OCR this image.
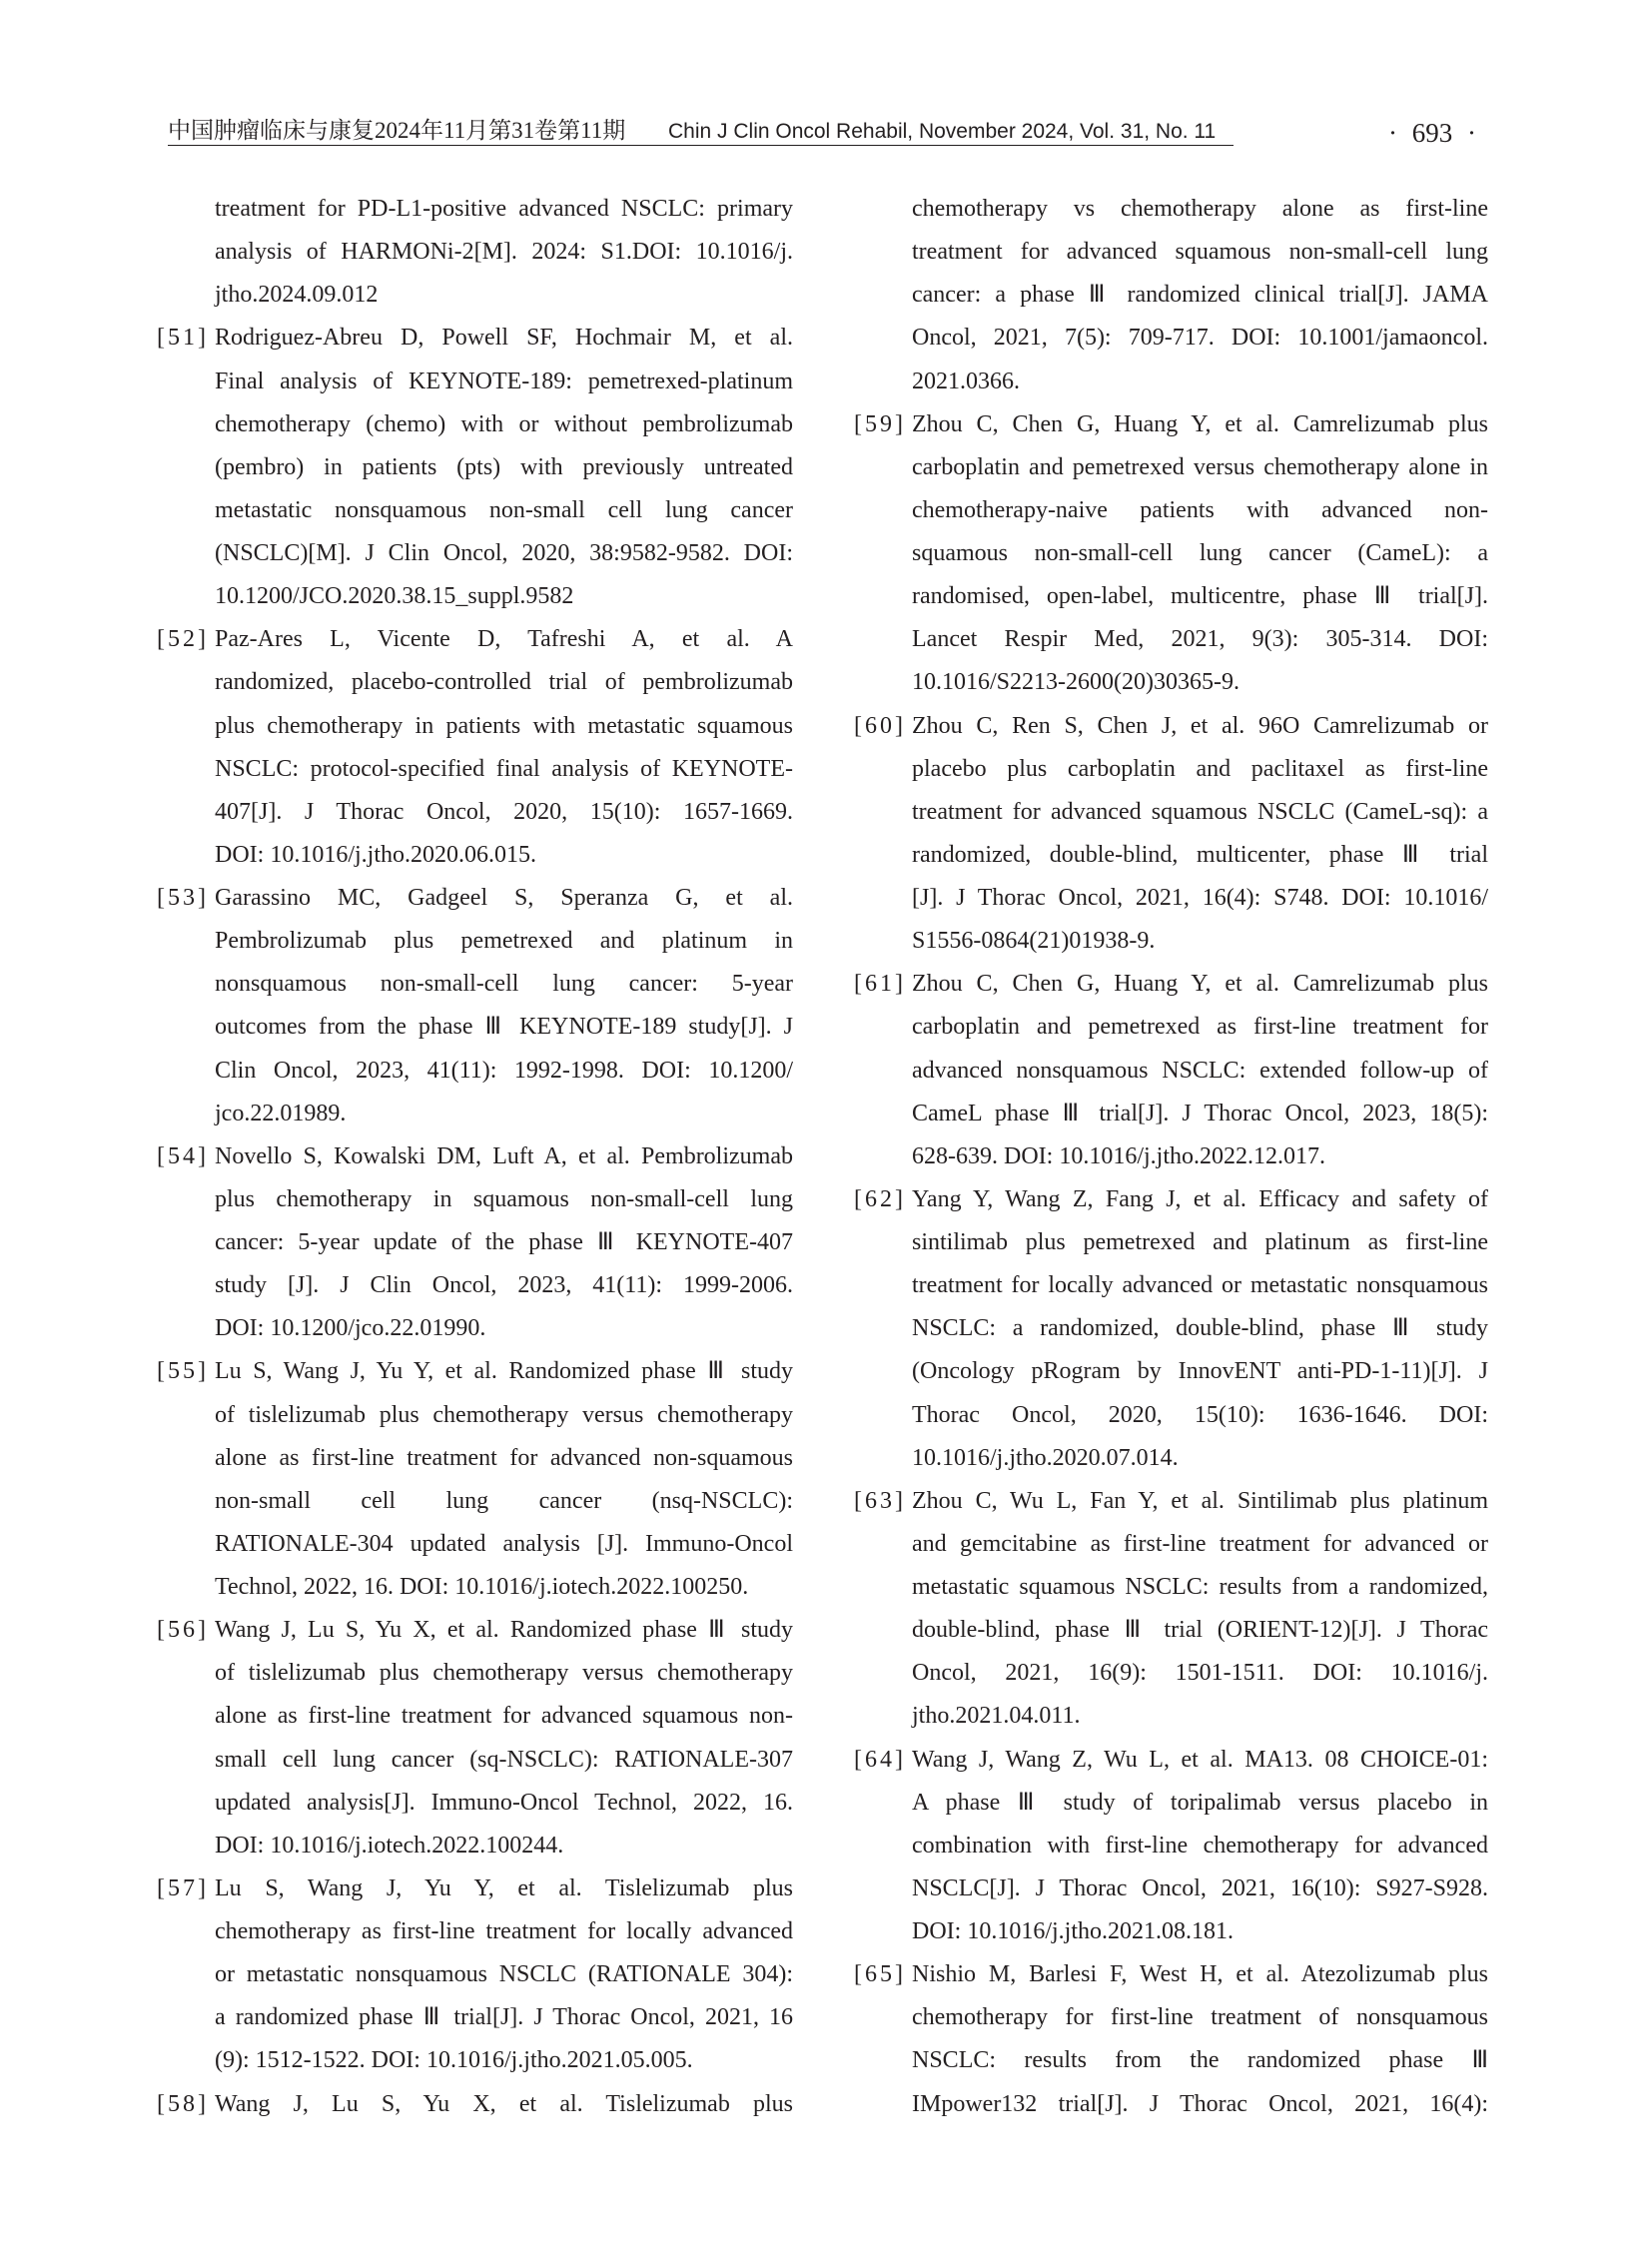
中国肿瘤临床与康复2024年11月第31卷第11期 Chin J Clin Oncol Rehabil, November 2024, Vol. 31, No. 11	· 693 ·
treatment for PD-L1-positive advanced NSCLC: primary
analysis of HARMONi-2[M]. 2024: S1.DOI: 10.1016/j.
jtho.2024.09.012
[51] Rodriguez-Abreu D, Powell SF, Hochmair M, et al.
Final analysis of KEYNOTE-189: pemetrexed-platinum
chemotherapy (chemo) with or without pembrolizumab
(pembro) in patients (pts) with previously untreated
metastatic nonsquamous non-small cell lung cancer
(NSCLC)[M]. J Clin Oncol, 2020, 38:9582-9582. DOI:
10.1200/JCO.2020.38.15_suppl.9582
[52] Paz-Ares L, Vicente D, Tafreshi A, et al. A
randomized, placebo-controlled trial of pembrolizumab
plus chemotherapy in patients with metastatic squamous
NSCLC: protocol-specified final analysis of KEYNOTE-
407[J]. J Thorac Oncol, 2020, 15(10): 1657-1669.
DOI: 10.1016/j.jtho.2020.06.015.
[53] Garassino MC, Gadgeel S, Speranza G, et al.
Pembrolizumab plus pemetrexed and platinum in
nonsquamous non-small-cell lung cancer: 5-year
outcomes from the phase Ⅲ KEYNOTE-189 study[J]. J
Clin Oncol, 2023, 41(11): 1992-1998. DOI: 10.1200/
jco.22.01989.
[54] Novello S, Kowalski DM, Luft A, et al. Pembrolizumab
plus chemotherapy in squamous non-small-cell lung
cancer: 5-year update of the phase Ⅲ KEYNOTE-407
study [J]. J Clin Oncol, 2023, 41(11): 1999-2006.
DOI: 10.1200/jco.22.01990.
[55] Lu S, Wang J, Yu Y, et al. Randomized phase Ⅲ study
of tislelizumab plus chemotherapy versus chemotherapy
alone as first-line treatment for advanced non-squamous
non-small cell lung cancer (nsq-NSCLC):
RATIONALE-304 updated analysis [J]. Immuno-Oncol
Technol, 2022, 16. DOI: 10.1016/j.iotech.2022.100250.
[56] Wang J, Lu S, Yu X, et al. Randomized phase Ⅲ study
of tislelizumab plus chemotherapy versus chemotherapy
alone as first-line treatment for advanced squamous non-
small cell lung cancer (sq-NSCLC): RATIONALE-307
updated analysis[J]. Immuno-Oncol Technol, 2022, 16.
DOI: 10.1016/j.iotech.2022.100244.
[57] Lu S, Wang J, Yu Y, et al. Tislelizumab plus
chemotherapy as first-line treatment for locally advanced
or metastatic nonsquamous NSCLC (RATIONALE 304):
a randomized phase Ⅲ trial[J]. J Thorac Oncol, 2021, 16
(9): 1512-1522. DOI: 10.1016/j.jtho.2021.05.005.
[58] Wang J, Lu S, Yu X, et al. Tislelizumab plus
chemotherapy vs chemotherapy alone as first-line
treatment for advanced squamous non-small-cell lung
cancer: a phase Ⅲ randomized clinical trial[J]. JAMA
Oncol, 2021, 7(5): 709-717. DOI: 10.1001/jamaoncol.
2021.0366.
[59] Zhou C, Chen G, Huang Y, et al. Camrelizumab plus
carboplatin and pemetrexed versus chemotherapy alone in
chemotherapy-naive patients with advanced non-
squamous non-small-cell lung cancer (CameL): a
randomised, open-label, multicentre, phase Ⅲ trial[J].
Lancet Respir Med, 2021, 9(3): 305-314. DOI:
10.1016/S2213-2600(20)30365-9.
[60] Zhou C, Ren S, Chen J, et al. 96O Camrelizumab or
placebo plus carboplatin and paclitaxel as first-line
treatment for advanced squamous NSCLC (CameL-sq): a
randomized, double-blind, multicenter, phase Ⅲ trial
[J]. J Thorac Oncol, 2021, 16(4): S748. DOI: 10.1016/
S1556-0864(21)01938-9.
[61] Zhou C, Chen G, Huang Y, et al. Camrelizumab plus
carboplatin and pemetrexed as first-line treatment for
advanced nonsquamous NSCLC: extended follow-up of
CameL phase Ⅲ trial[J]. J Thorac Oncol, 2023, 18(5):
628-639. DOI: 10.1016/j.jtho.2022.12.017.
[62] Yang Y, Wang Z, Fang J, et al. Efficacy and safety of
sintilimab plus pemetrexed and platinum as first-line
treatment for locally advanced or metastatic nonsquamous
NSCLC: a randomized, double-blind, phase Ⅲ study
(Oncology pRogram by InnovENT anti-PD-1-11)[J]. J
Thorac Oncol, 2020, 15(10): 1636-1646. DOI:
10.1016/j.jtho.2020.07.014.
[63] Zhou C, Wu L, Fan Y, et al. Sintilimab plus platinum
and gemcitabine as first-line treatment for advanced or
metastatic squamous NSCLC: results from a randomized,
double-blind, phase Ⅲ trial (ORIENT-12)[J]. J Thorac
Oncol, 2021, 16(9): 1501-1511. DOI: 10.1016/j.
jtho.2021.04.011.
[64] Wang J, Wang Z, Wu L, et al. MA13. 08 CHOICE-01:
A phase Ⅲ study of toripalimab versus placebo in
combination with first-line chemotherapy for advanced
NSCLC[J]. J Thorac Oncol, 2021, 16(10): S927-S928.
DOI: 10.1016/j.jtho.2021.08.181.
[65] Nishio M, Barlesi F, West H, et al. Atezolizumab plus
chemotherapy for first-line treatment of nonsquamous
NSCLC: results from the randomized phase Ⅲ
IMpower132 trial[J]. J Thorac Oncol, 2021, 16(4):
